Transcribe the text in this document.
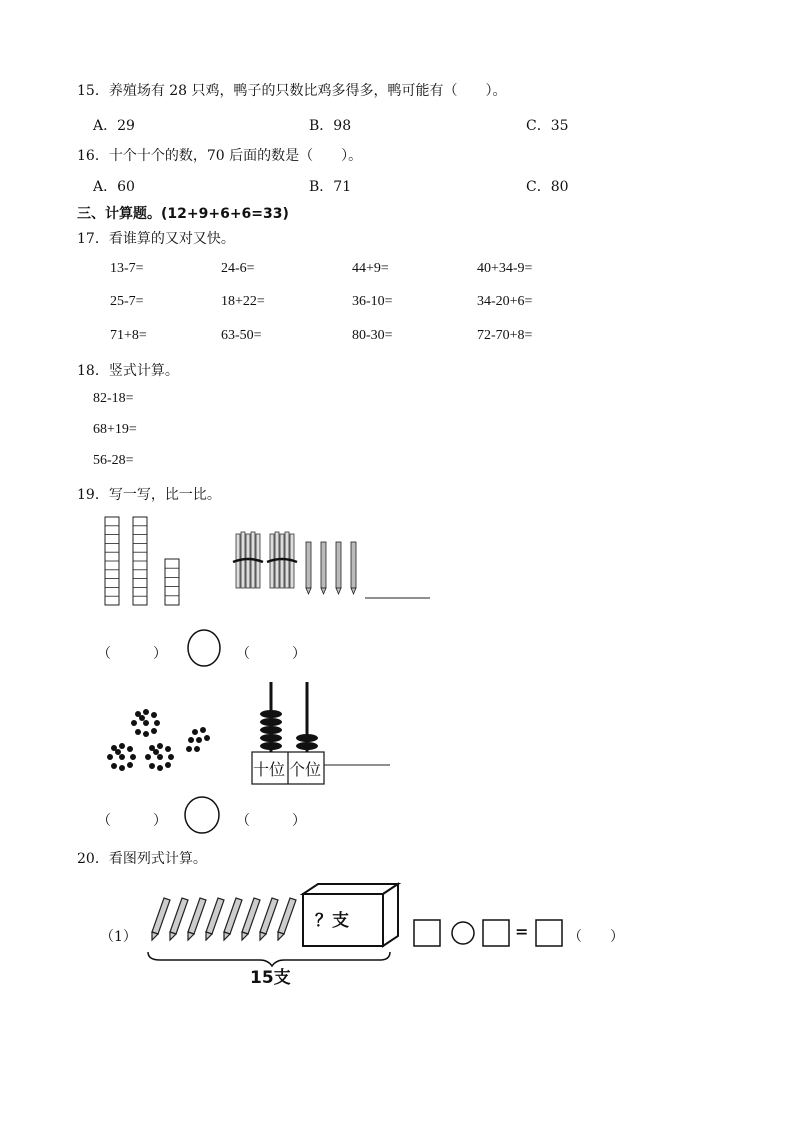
15．养殖场有 28 只鸡，鸭子的只数比鸡多得多，鸭可能有（　　）。
A．29	B．98	C．35
16．十个十个的数，70 后面的数是（　　）。
A．60	B．71	C．80
三、计算题。(12+9+6+6=33)
17．看谁算的又对又快。
13-7=	24-6=	44+9=	40+34-9=
25-7=	18+22=	36-10=	34-20+6=
71+8=	63-50=	80-30=	72-70+8=
18．竖式计算。
82-18=
68+19=
56-28=
19．写一写，比一比。
（　　　）	（　　　）
十位 个位
（　　　）	（　　　）
20．看图列式计算。
（1）
？支
15支
=	（　　）
